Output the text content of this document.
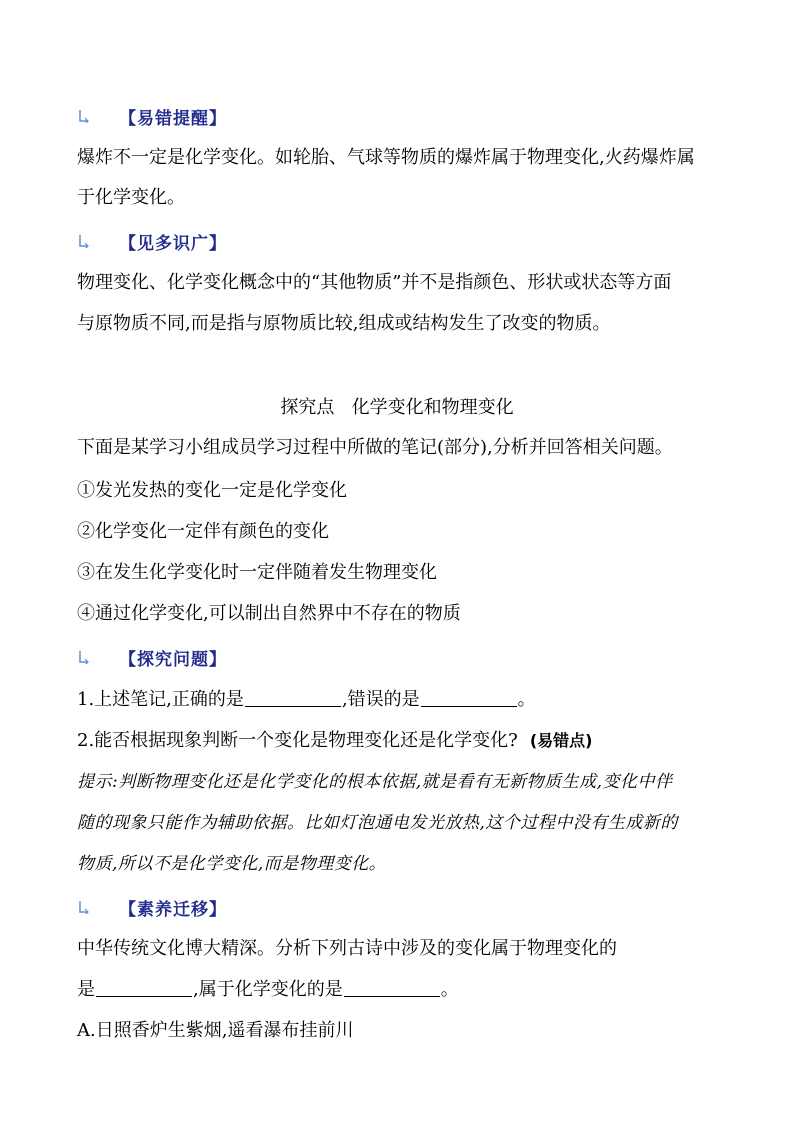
【易错提醒】
爆炸不一定是化学变化。如轮胎、气球等物质的爆炸属于物理变化,火药爆炸属
于化学变化。
【见多识广】
物理变化、化学变化概念中的“其他物质”并不是指颜色、形状或状态等方面
与原物质不同,而是指与原物质比较,组成或结构发生了改变的物质。
探究点   化学变化和物理变化
下面是某学习小组成员学习过程中所做的笔记(部分),分析并回答相关问题。
①发光发热的变化一定是化学变化
②化学变化一定伴有颜色的变化
③在发生化学变化时一定伴随着发生物理变化
④通过化学变化,可以制出自然界中不存在的物质
【探究问题】
1.上述笔记,正确的是	,错误的是	。
2.能否根据现象判断一个变化是物理变化还是化学变化? (易错点)
提示:判断物理变化还是化学变化的根本依据,就是看有无新物质生成,变化中伴
随的现象只能作为辅助依据。比如灯泡通电发光放热,这个过程中没有生成新的
物质,所以不是化学变化,而是物理变化。
【素养迁移】
中华传统文化博大精深。分析下列古诗中涉及的变化属于物理变化的
是	,属于化学变化的是	。
A.日照香炉生紫烟,遥看瀑布挂前川
